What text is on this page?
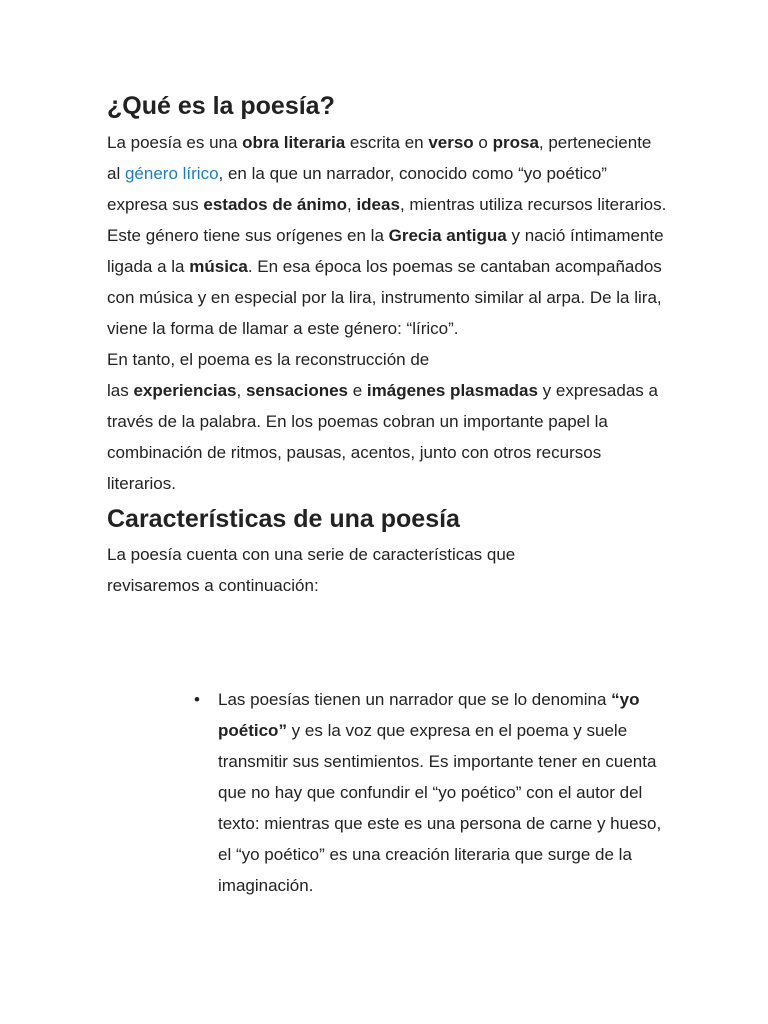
¿Qué es la poesía?

La poesía es una obra literaria escrita en verso o prosa, perteneciente al género lírico, en la que un narrador, conocido como “yo poético” expresa sus estados de ánimo, ideas, mientras utiliza recursos literarios.

Este género tiene sus orígenes en la Grecia antigua y nació íntimamente ligada a la música. En esa época los poemas se cantaban acompañados con música y en especial por la lira, instrumento similar al arpa. De la lira, viene la forma de llamar a este género: “lírico”.

En tanto, el poema es la reconstrucción de
las experiencias, sensaciones e imágenes plasmadas y expresadas a través de la palabra. En los poemas cobran un importante papel la combinación de ritmos, pausas, acentos, junto con otros recursos literarios.

Características de una poesía

La poesía cuenta con una serie de características que revisaremos a continuación:

• Las poesías tienen un narrador que se lo denomina “yo poético” y es la voz que expresa en el poema y suele transmitir sus sentimientos. Es importante tener en cuenta que no hay que confundir el “yo poético” con el autor del texto: mientras que este es una persona de carne y hueso, el “yo poético” es una creación literaria que surge de la imaginación.
